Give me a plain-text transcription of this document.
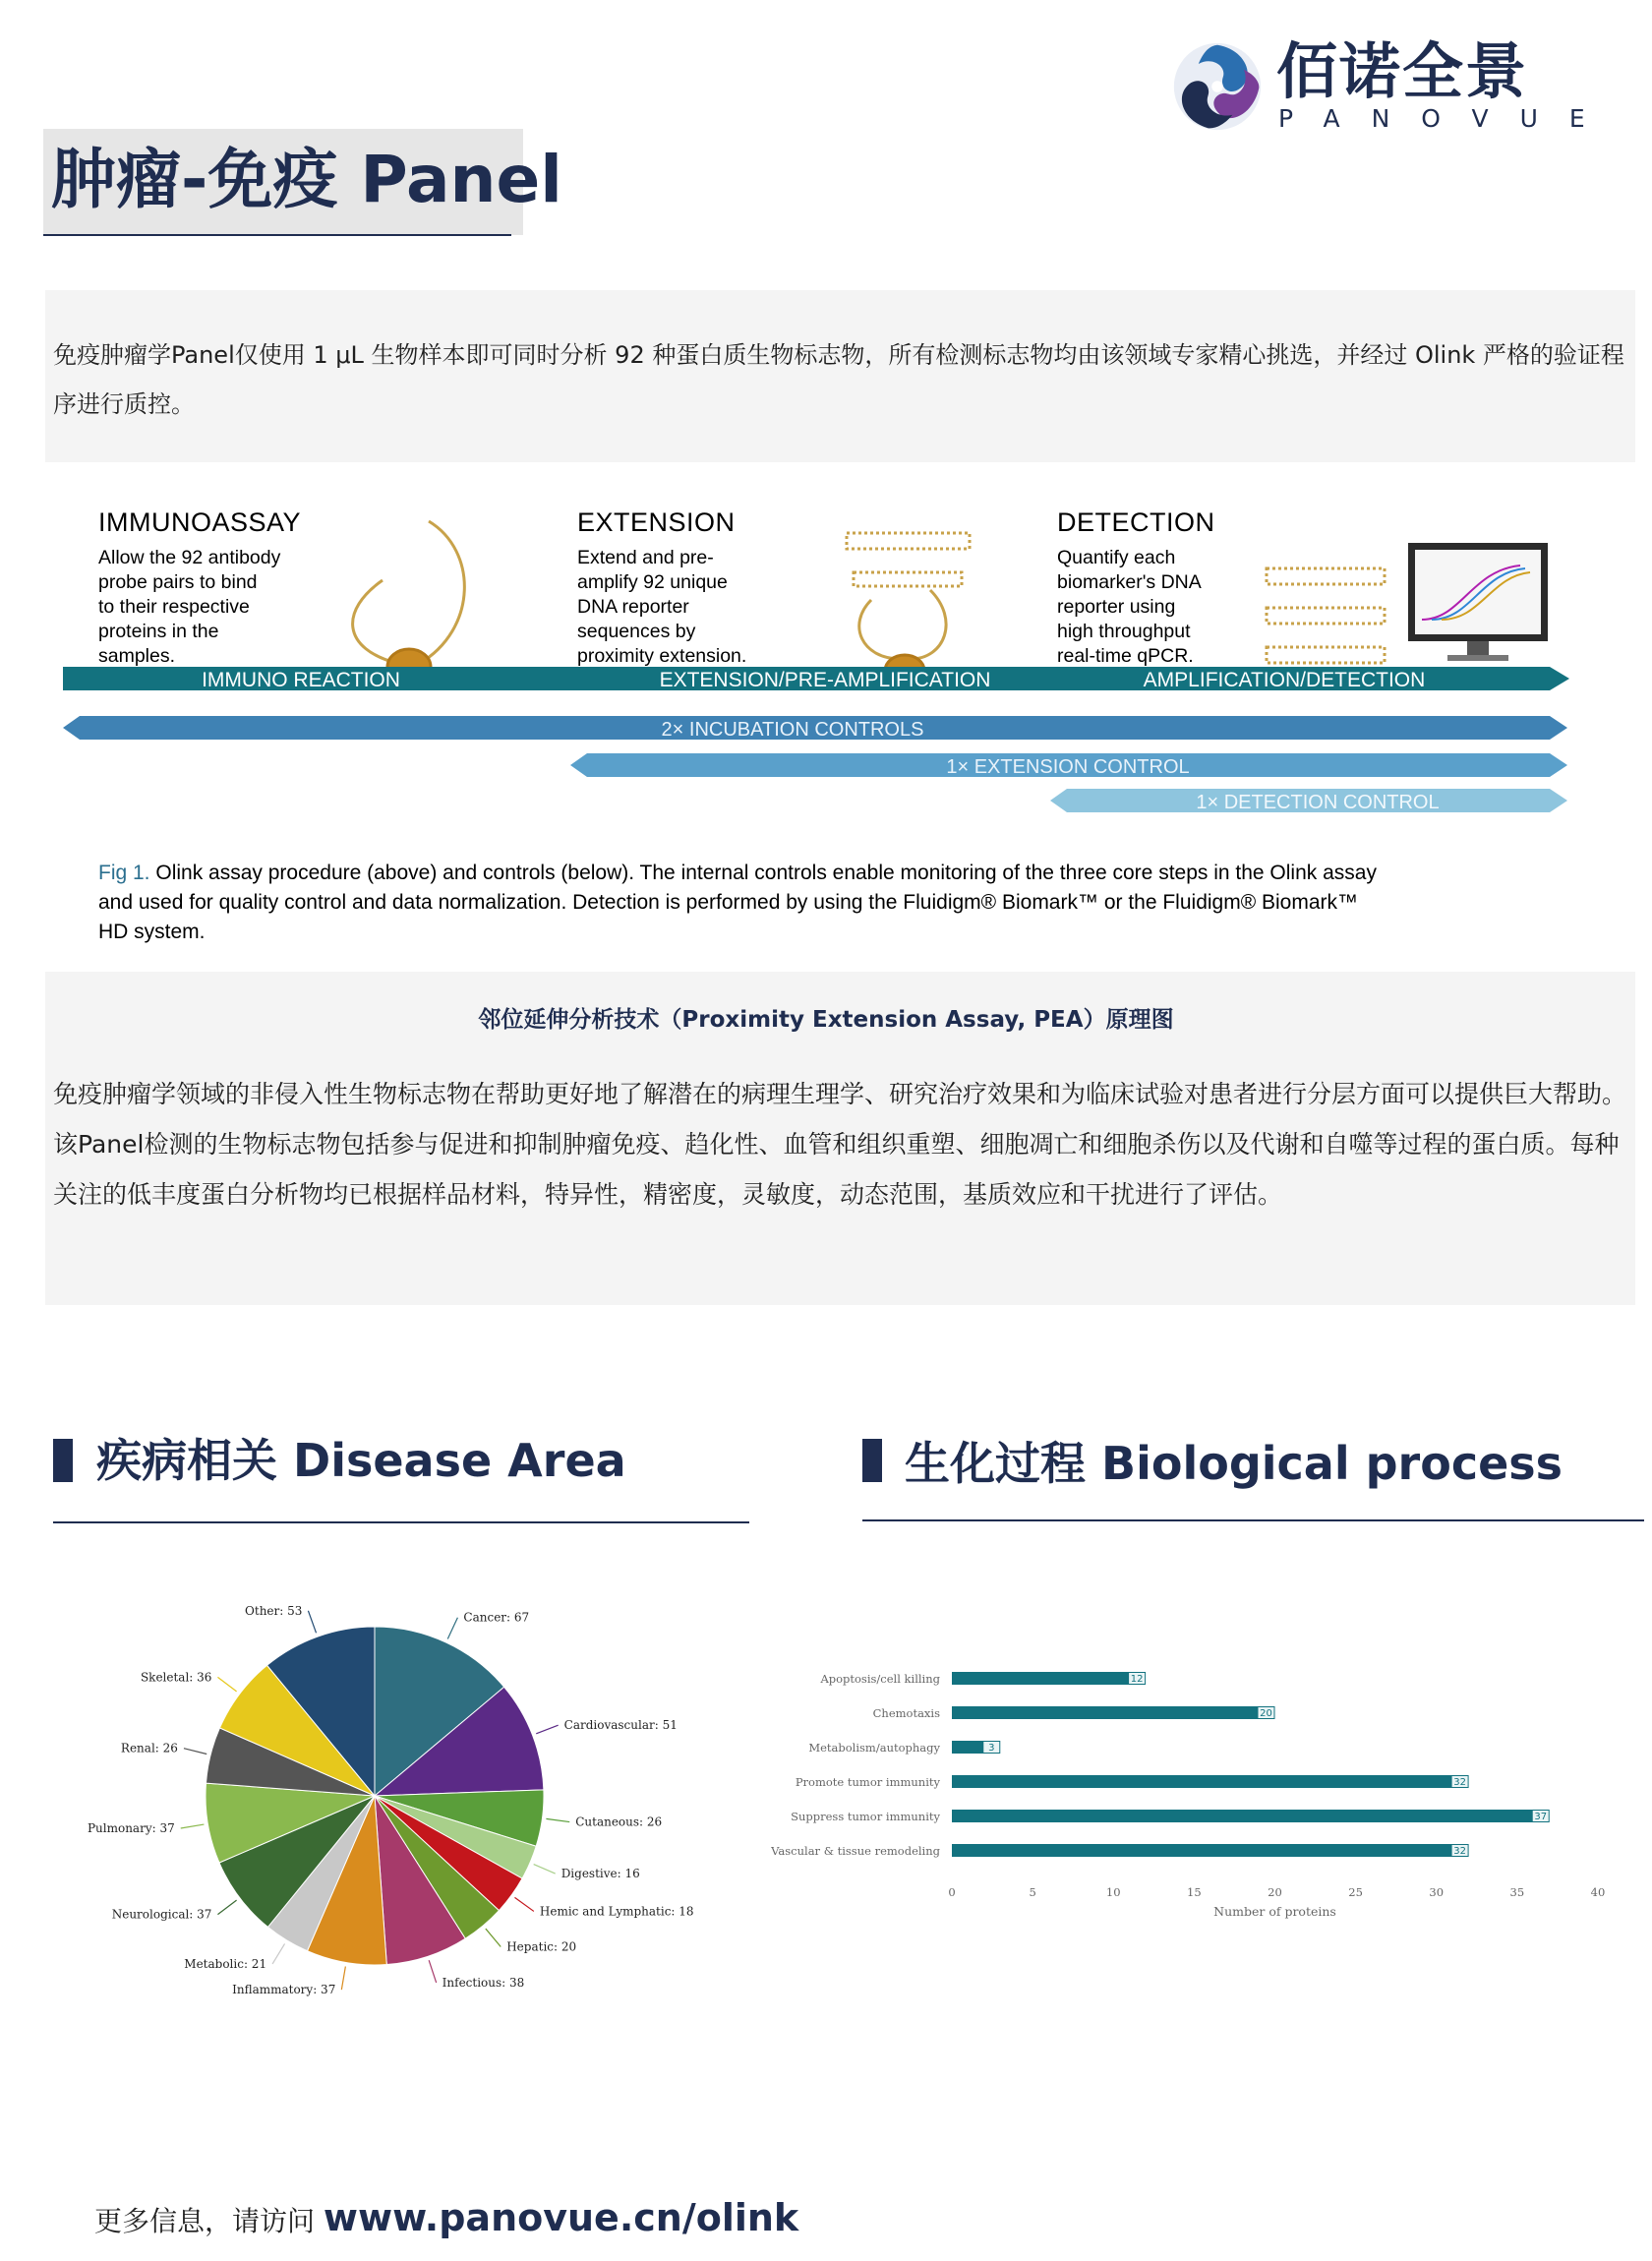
佰诺全景
PANOVUE
肿瘤-免疫 Panel
免疫肿瘤学Panel仅使用 1 μL 生物样本即可同时分析 92 种蛋白质生物标志物，所有检测标志物均由该领域专家精心挑选，并经过 Olink 严格的验证程序进行质控。
IMMUNOASSAY	EXTENSION	DETECTION
Allow the 92 antibody
probe pairs to bind
to their respective
proteins in the
samples.
Extend and pre-
amplify 92 unique
DNA reporter
sequences by
proximity extension.
Quantify each
biomarker's DNA
reporter using
high throughput
real-time qPCR.
IMMUNO REACTION	EXTENSION/PRE-AMPLIFICATION	AMPLIFICATION/DETECTION
2× INCUBATION CONTROLS
1× EXTENSION CONTROL
1× DETECTION CONTROL
Fig 1. Olink assay procedure (above) and controls (below). The internal controls enable monitoring of the three core steps in the Olink assay
and used for quality control and data normalization. Detection is performed by using the Fluidigm® Biomark™ or the Fluidigm® Biomark™
HD system.
邻位延伸分析技术（Proximity Extension Assay, PEA）原理图
免疫肿瘤学领域的非侵入性生物标志物在帮助更好地了解潜在的病理生理学、研究治疗效果和为临床试验对患者进行分层方面可以提供巨大帮助。该Panel检测的生物标志物包括参与促进和抑制肿瘤免疫、趋化性、血管和组织重塑、细胞凋亡和细胞杀伤以及代谢和自噬等过程的蛋白质。每种关注的低丰度蛋白分析物均已根据样品材料，特异性，精密度，灵敏度，动态范围，基质效应和干扰进行了评估。
疾病相关 Disease Area	生化过程 Biological process
Cancer: 67
Cardiovascular: 51
Cutaneous: 26
Digestive: 16
Hemic and Lymphatic: 18
Hepatic: 20
Infectious: 38
Inflammatory: 37
Metabolic: 21
Neurological: 37
Pulmonary: 37
Renal: 26
Skeletal: 36
Other: 53
Apoptosis/cell killing	12
Chemotaxis	20
Metabolism/autophagy	3
Promote tumor immunity	32
Suppress tumor immunity	37
Vascular & tissue remodeling	32
0	5	10	15	20	25	30	35	40
Number of proteins
更多信息，请访问 www.panovue.cn/olink
